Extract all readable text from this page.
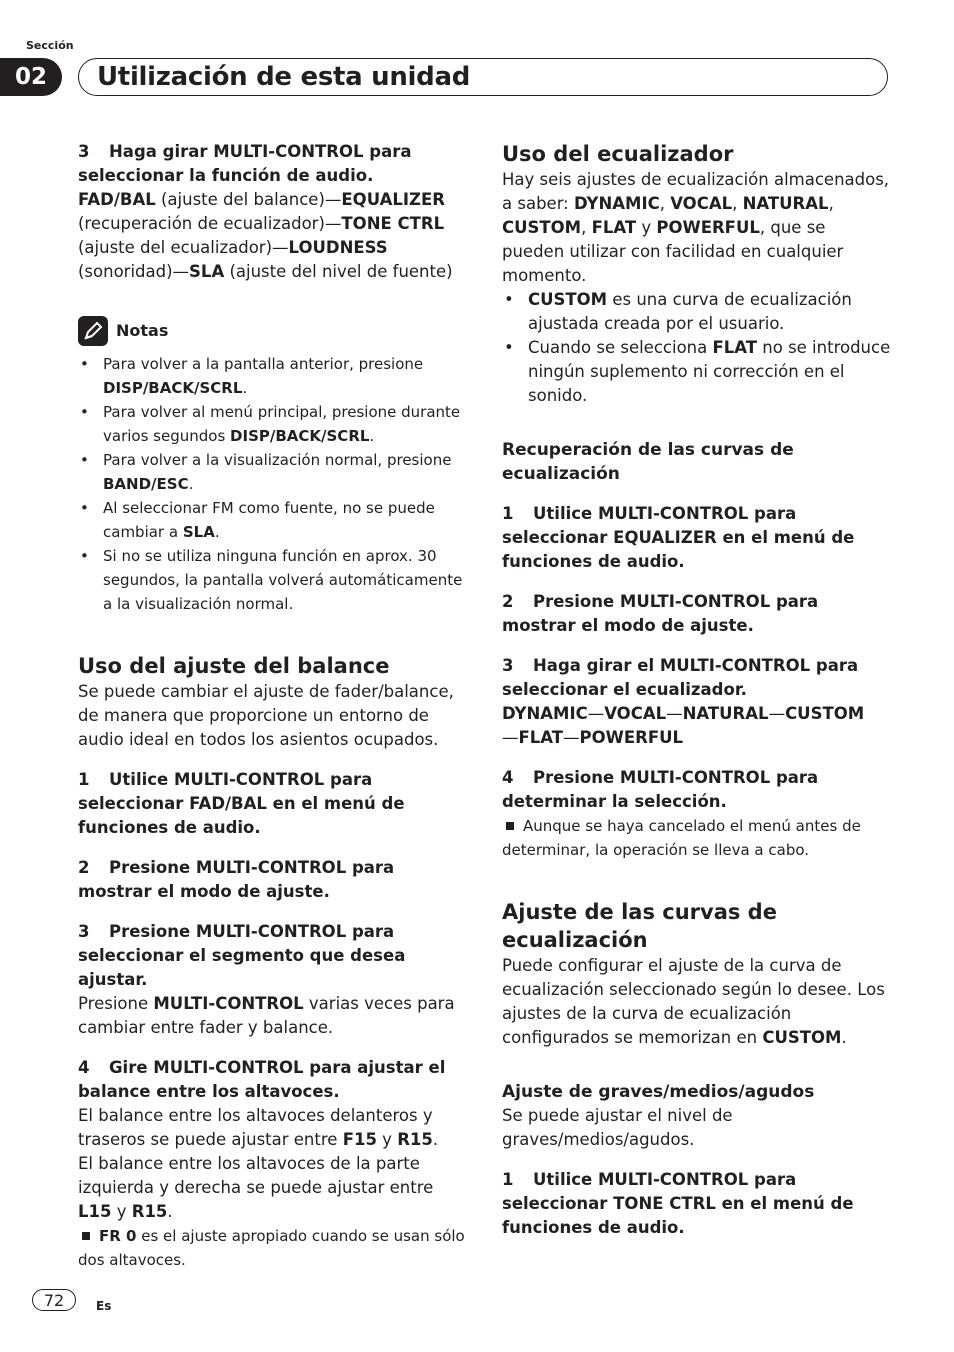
Sección
02	Utilización de esta unidad

3 Haga girar MULTI-CONTROL para seleccionar la función de audio.

FAD/BAL (ajuste del balance)—EQUALIZER (recuperación de ecualizador)—TONE CTRL (ajuste del ecualizador)—LOUDNESS (sonoridad)—SLA (ajuste del nivel de fuente)

Notas
• Para volver a la pantalla anterior, presione
DISP/BACK/SCRL.
• Para volver al menú principal, presione durante varios segundos DISP/BACK/SCRL.
• Para volver a la visualización normal, presione
BAND/ESC.
• Al seleccionar FM como fuente, no se puede cambiar a SLA.
• Si no se utiliza ninguna función en aprox. 30 segundos, la pantalla volverá automáticamente a la visualización normal.
Uso del ajuste del balance

Se puede cambiar el ajuste de fader/balance, de manera que proporcione un entorno de audio ideal en todos los asientos ocupados.

1 Utilice MULTI-CONTROL para seleccionar FAD/BAL en el menú de funciones de audio.

2 Presione MULTI-CONTROL para mostrar el modo de ajuste.

3 Presione MULTI-CONTROL para seleccionar el segmento que desea ajustar.

Presione MULTI-CONTROL varias veces para cambiar entre fader y balance.

4 Gire MULTI-CONTROL para ajustar el balance entre los altavoces.

El balance entre los altavoces delanteros y traseros se puede ajustar entre F15 y R15.

El balance entre los altavoces de la parte izquierda y derecha se puede ajustar entre L15 y R15.

FR 0 es el ajuste apropiado cuando se usan sólo dos altavoces.

Uso del ecualizador

Hay seis ajustes de ecualización almacenados, a saber: DYNAMIC, VOCAL, NATURAL, CUSTOM, FLAT y POWERFUL, que se pueden utilizar con facilidad en cualquier momento.

• CUSTOM es una curva de ecualización ajustada creada por el usuario.
• Cuando se selecciona FLAT no se introduce ningún suplemento ni corrección en el sonido.
Recuperación de las curvas de ecualización

1 Utilice MULTI-CONTROL para seleccionar EQUALIZER en el menú de funciones de audio.

2 Presione MULTI-CONTROL para mostrar el modo de ajuste.

3 Haga girar el MULTI-CONTROL para seleccionar el ecualizador.

DYNAMIC—VOCAL—NATURAL—CUSTOM
—FLAT—POWERFUL

4 Presione MULTI-CONTROL para determinar la selección.

Aunque se haya cancelado el menú antes de determinar, la operación se lleva a cabo.

Ajuste de las curvas de ecualización

Puede configurar el ajuste de la curva de ecualización seleccionado según lo desee. Los ajustes de la curva de ecualización configurados se memorizan en CUSTOM.

Ajuste de graves/medios/agudos

Se puede ajustar el nivel de graves/medios/agudos.

1 Utilice MULTI-CONTROL para seleccionar TONE CTRL en el menú de funciones de audio.

72	Es
